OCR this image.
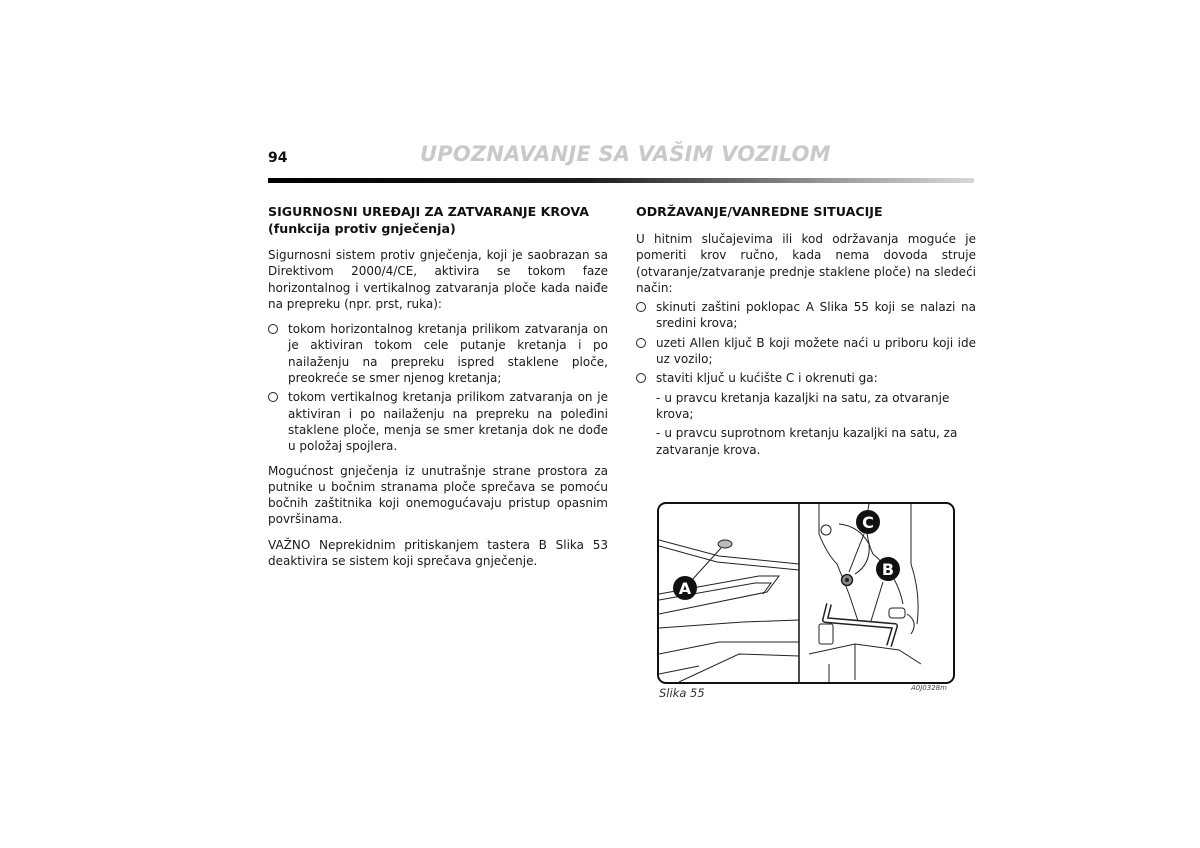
94	UPOZNAVANJE SA VAŠIM VOZILOM
SIGURNOSNI UREĐAJI ZA ZATVARANJE KROVA (funkcija protiv gnječenja)

Sigurnosni sistem protiv gnječenja, koji je saobrazan sa Direktivom 2000/4/CE, aktivira se tokom faze horizontalnog i vertikalnog zatvaranja ploče kada naiđe na prepreku (npr. prst, ruka):

tokom horizontalnog kretanja prilikom zatvaranja on je aktiviran tokom cele putanje kretanja i po nailaženju na prepreku ispred staklene ploče, preokreće se smer njenog kretanja;
tokom vertikalnog kretanja prilikom zatvaranja on je aktiviran i po nailaženju na prepreku na poleđini staklene ploče, menja se smer kretanja dok ne dođe u položaj spojlera.

Mogućnost gnječenja iz unutrašnje strane prostora za putnike u bočnim stranama ploče sprečava se pomoću bočnih zaštitnika koji onemogućavaju pristup opasnim površinama.

VAŽNO Neprekidnim pritiskanjem tastera B Slika 53 deaktivira se sistem koji sprečava gnječenje.

ODRŽAVANJE/VANREDNE SITUACIJE

U hitnim slučajevima ili kod održavanja moguće je pomeriti krov ručno, kada nema dovoda struje (otvaranje/zatvaranje prednje staklene ploče) na sledeći način:

skinuti zaštini poklopac A Slika 55 koji se nalazi na sredini krova;
uzeti Allen ključ B koji možete naći u priboru koji ide uz vozilo;
staviti ključ u kućište C i okrenuti ga:
- u pravcu kretanja kazaljki na satu, za otvaranje krova;
- u pravcu suprotnom kretanju kazaljki na satu, za zatvaranje krova.
A
C
B
Slika 55	A0J0328m
